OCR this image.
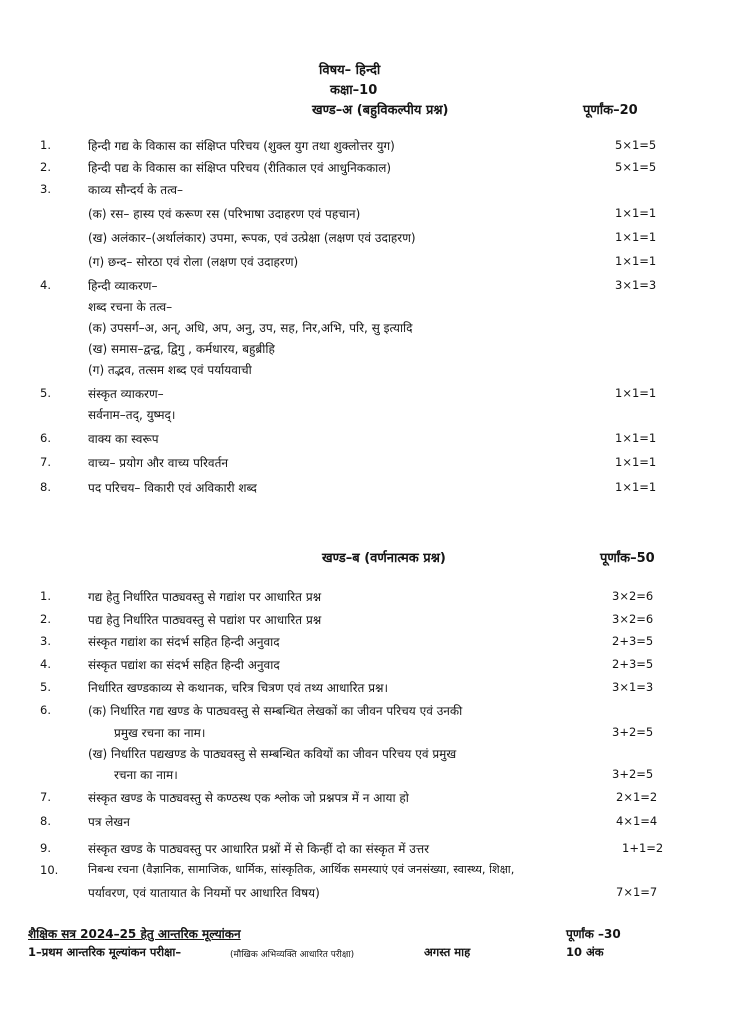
विषय– हिन्दी
कक्षा–10
खण्ड–अ (बहुविकल्पीय प्रश्न)	पूर्णांक–20
1.	हिन्दी गद्य के विकास का संक्षिप्त परिचय (शुक्ल युग तथा शुक्लोत्तर युग)	5×1=5
2.	हिन्दी पद्य के विकास का संक्षिप्त परिचय (रीतिकाल एवं आधुनिककाल)	5×1=5
3.	काव्य सौन्दर्य के तत्व–
(क) रस– हास्य एवं करूण रस (परिभाषा उदाहरण एवं पहचान)	1×1=1
(ख) अलंकार–(अर्थालंकार) उपमा, रूपक, एवं उत्प्रेक्षा (लक्षण एवं उदाहरण)	1×1=1
(ग) छन्द– सोरठा एवं रोला (लक्षण एवं उदाहरण)	1×1=1
4.	हिन्दी व्याकरण–	3×1=3
शब्द रचना के तत्व–
(क) उपसर्ग–अ, अन्, अधि, अप, अनु, उप, सह, निर,अभि, परि, सु इत्यादि
(ख) समास–द्वन्द्व, द्विगु , कर्मधारय, बहुब्रीहि
(ग) तद्भव, तत्सम शब्द एवं पर्यायवाची
5.	संस्कृत व्याकरण–	1×1=1
सर्वनाम–तद्, युष्मद्।
6.	वाक्य का स्वरूप	1×1=1
7.	वाच्य– प्रयोग और वाच्य परिवर्तन	1×1=1
8.	पद परिचय– विकारी एवं अविकारी शब्द	1×1=1
खण्ड–ब (वर्णनात्मक प्रश्न)	पूर्णांक–50
1.	गद्य हेतु निर्धारित पाठ्यवस्तु से गद्यांश पर आधारित प्रश्न	3×2=6
2.	पद्य हेतु निर्धारित पाठ्यवस्तु से पद्यांश पर आधारित प्रश्न	3×2=6
3.	संस्कृत गद्यांश का संदर्भ सहित हिन्दी अनुवाद	2+3=5
4.	संस्कृत पद्यांश का संदर्भ सहित हिन्दी अनुवाद	2+3=5
5.	निर्धारित खण्डकाव्य से कथानक, चरित्र चित्रण एवं तथ्य आधारित प्रश्न।	3×1=3
6.	(क) निर्धारित गद्य खण्ड के पाठ्यवस्तु से सम्बन्धित लेखकों का जीवन परिचय एवं उनकी
प्रमुख रचना का नाम।	3+2=5
(ख) निर्धारित पद्यखण्ड के पाठ्यवस्तु से सम्बन्धित कवियों का जीवन परिचय एवं प्रमुख
रचना का नाम।	3+2=5
7.	संस्कृत खण्ड के पाठ्यवस्तु से कण्ठस्थ एक श्लोक जो प्रश्नपत्र में न आया हो	2×1=2
8.	पत्र लेखन	4×1=4
9.	संस्कृत खण्ड के पाठ्यवस्तु पर आधारित प्रश्नों में से किन्हीं दो का संस्कृत में उत्तर	1+1=2
10.	निबन्ध रचना (वैज्ञानिक, सामाजिक, धार्मिक, सांस्कृतिक, आर्थिक समस्याएं एवं जनसंख्या, स्वास्थ्य, शिक्षा,
पर्यावरण, एवं यातायात के नियमों पर आधारित विषय)	7×1=7
शैक्षिक सत्र 2024–25 हेतु आन्तरिक मूल्यांकन	पूर्णांक –30
1–प्रथम आन्तरिक मूल्यांकन परीक्षा–	(मौखिक अभिव्यक्ति आधारित परीक्षा)	अगस्त माह	10 अंक
